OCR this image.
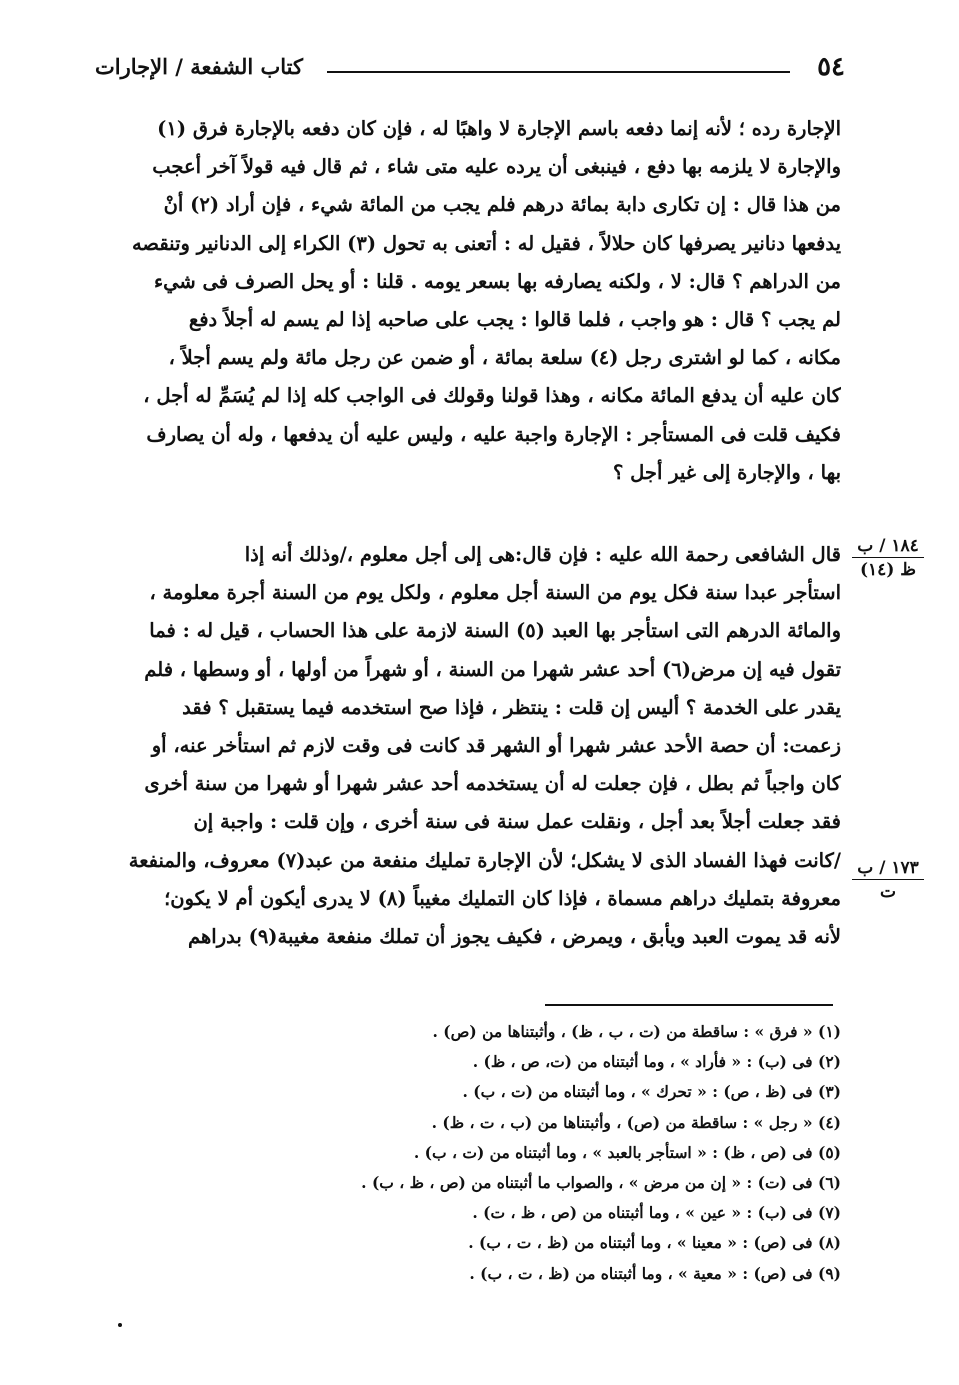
كتاب الشفعة / الإجارات	٥٤
الإجارة رده ؛ لأنه إنما دفعه باسم الإجارة لا واهبًا له ، فإن كان دفعه بالإجارة فرق (١)
والإجارة لا يلزمه بها دفع ، فينبغى أن يرده عليه متى شاء ، ثم قال فيه قولاً آخر أعجب
من هذا قال : إن تكارى دابة بمائة درهم فلم يجب من المائة شيء ، فإن أراد (٢) أنْ
يدفعها دنانير يصرفها كان حلالاً ، فقيل له : أتعنى به تحول (٣) الكراء إلى الدنانير وتنقصه
من الدراهم ؟ قال: لا ، ولكنه يصارفه بها بسعر يومه . قلنا : أو يحل الصرف فى شيء
لم يجب ؟ قال : هو واجب ، فلما قالوا : يجب على صاحبه إذا لم يسم له أجلاً دفع
مكانه ، كما لو اشترى رجل (٤) سلعة بمائة ، أو ضمن عن رجل مائة ولم يسم أجلاً ،
كان عليه أن يدفع المائة مكانه ، وهذا قولنا وقولك فى الواجب كله إذا لم يُسَمِّ له أجل ،
فكيف قلت فى المستأجر : الإجارة واجبة عليه ، وليس عليه أن يدفعها ، وله أن يصارف
بها ، والإجارة إلى غير أجل ؟
قال الشافعى رحمة الله عليه : فإن قال:هى إلى أجل معلوم ،/وذلك أنه إذا
استأجر عبدا سنة فكل يوم من السنة أجل معلوم ، ولكل يوم من السنة أجرة معلومة ،
والمائة الدرهم التى استأجر بها العبد (٥) السنة لازمة على هذا الحساب ، قيل له : فما
تقول فيه إن مرض(٦) أحد عشر شهرا من السنة ، أو شهراً من أولها ، أو وسطها ، فلم
يقدر على الخدمة ؟ أليس إن قلت : ينتظر ، فإذا صح استخدمه فيما يستقبل ؟ فقد
زعمت: أن حصة الأحد عشر شهرا أو الشهر قد كانت فى وقت لازم ثم استأخر عنه، أو
كان واجباً ثم بطل ، فإن جعلت له أن يستخدمه أحد عشر شهرا أو شهرا من سنة أخرى
فقد جعلت أجلاً بعد أجل ، ونقلت عمل سنة فى سنة أخرى ، وإن قلت : واجبة إن
/كانت فهذا الفساد الذى لا يشكل؛ لأن الإجارة تمليك منفعة من عبد(٧) معروف، والمنفعة
معروفة بتمليك دراهم مسماة ، فإذا كان التمليك مغيباً (٨) لا يدرى أيكون أم لا يكون؛
لأنه قد يموت العبد ويأبق ، ويمرض ، فكيف يجوز أن تملك منفعة مغيبة(٩) بدراهم
١٨٤ / ب
ظ (١٤)
١٧٣ / ب
ت
(١) « فرق » : ساقطة من (ت ، ب ، ظ) ، وأثبتناها من (ص) .
(٢) فى (ب) : « فأراد » ، وما أثبتناه من (ت، ص ، ظ) .
(٣) فى (ظ ، ص) : « تحرك » ، وما أثبتناه من (ت ، ب) .
(٤) « رجل » : ساقطة من (ص) ، وأثبتناها من (ب ، ت ، ظ) .
(٥) فى (ص ، ظ) : « استأجر بالعبد » ، وما أثبتناه من (ت ، ب) .
(٦) فى (ت) : « إن من مرض » ، والصواب ما أثبتناه من (ص ، ظ ، ب) .
(٧) فى (ب) : « عين » ، وما أثبتناه من (ص ، ظ ، ت) .
(٨) فى (ص) : « معينا » ، وما أثبتناه من (ظ ، ت ، ب) .
(٩) فى (ص) : « معية » ، وما أثبتناه من (ظ ، ت ، ب) .
